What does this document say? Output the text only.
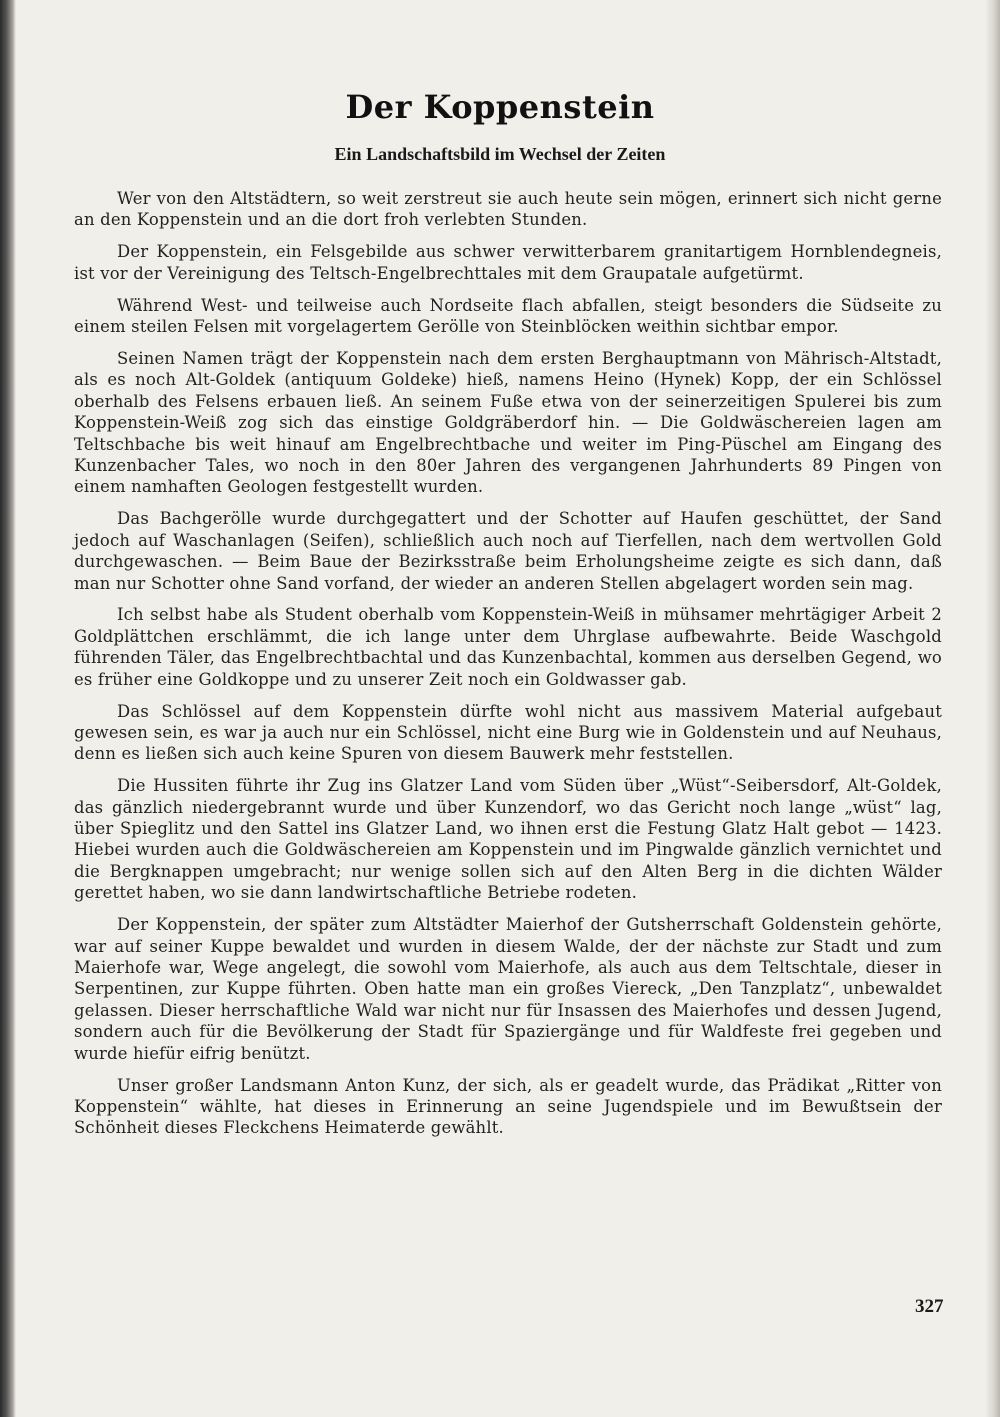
Der Koppenstein
Ein Landschaftsbild im Wechsel der Zeiten

Wer von den Altstädtern, so weit zerstreut sie auch heute sein mögen, erinnert sich nicht gerne an den Koppenstein und an die dort froh verlebten Stunden.

Der Koppenstein, ein Felsgebilde aus schwer verwitterbarem granitartigem Hornblendegneis, ist vor der Vereinigung des Teltsch-Engelbrechttales mit dem Graupatale aufgetürmt.

Während West- und teilweise auch Nordseite flach abfallen, steigt besonders die Südseite zu einem steilen Felsen mit vorgelagertem Gerölle von Steinblöcken weithin sichtbar empor.

Seinen Namen trägt der Koppenstein nach dem ersten Berghauptmann von Mährisch-Altstadt, als es noch Alt-Goldek (antiquum Goldeke) hieß, namens Heino (Hynek) Kopp, der ein Schlössel oberhalb des Felsens erbauen ließ. An seinem Fuße etwa von der seinerzeitigen Spulerei bis zum Koppenstein-Weiß zog sich das einstige Goldgräberdorf hin. — Die Goldwäschereien lagen am Teltschbache bis weit hinauf am Engelbrechtbache und weiter im Ping-Püschel am Eingang des Kunzenbacher Tales, wo noch in den 80er Jahren des vergangenen Jahrhunderts 89 Pingen von einem namhaften Geologen festgestellt wurden.

Das Bachgerölle wurde durchgegattert und der Schotter auf Haufen geschüttet, der Sand jedoch auf Waschanlagen (Seifen), schließlich auch noch auf Tierfellen, nach dem wertvollen Gold durchgewaschen. — Beim Baue der Bezirksstraße beim Erholungsheime zeigte es sich dann, daß man nur Schotter ohne Sand vorfand, der wieder an anderen Stellen abgelagert worden sein mag.

Ich selbst habe als Student oberhalb vom Koppenstein-Weiß in mühsamer mehrtägiger Arbeit 2 Goldplättchen erschlämmt, die ich lange unter dem Uhrglase aufbewahrte. Beide Waschgold führenden Täler, das Engelbrechtbachtal und das Kunzenbachtal, kommen aus derselben Gegend, wo es früher eine Goldkoppe und zu unserer Zeit noch ein Goldwasser gab.

Das Schlössel auf dem Koppenstein dürfte wohl nicht aus massivem Material aufgebaut gewesen sein, es war ja auch nur ein Schlössel, nicht eine Burg wie in Goldenstein und auf Neuhaus, denn es ließen sich auch keine Spuren von diesem Bauwerk mehr feststellen.

Die Hussiten führte ihr Zug ins Glatzer Land vom Süden über „Wüst“-Seibersdorf, Alt-Goldek, das gänzlich niedergebrannt wurde und über Kunzendorf, wo das Gericht noch lange „wüst“ lag, über Spieglitz und den Sattel ins Glatzer Land, wo ihnen erst die Festung Glatz Halt gebot — 1423. Hiebei wurden auch die Goldwäschereien am Koppenstein und im Pingwalde gänzlich vernichtet und die Bergknappen umgebracht; nur wenige sollen sich auf den Alten Berg in die dichten Wälder gerettet haben, wo sie dann landwirtschaftliche Betriebe rodeten.

Der Koppenstein, der später zum Altstädter Maierhof der Gutsherrschaft Goldenstein gehörte, war auf seiner Kuppe bewaldet und wurden in diesem Walde, der der nächste zur Stadt und zum Maierhofe war, Wege angelegt, die sowohl vom Maierhofe, als auch aus dem Teltschtale, dieser in Serpentinen, zur Kuppe führten. Oben hatte man ein großes Viereck, „Den Tanzplatz“, unbewaldet gelassen. Dieser herrschaftliche Wald war nicht nur für Insassen des Maierhofes und dessen Jugend, sondern auch für die Bevölkerung der Stadt für Spaziergänge und für Waldfeste frei gegeben und wurde hiefür eifrig benützt.

Unser großer Landsmann Anton Kunz, der sich, als er geadelt wurde, das Prädikat „Ritter von Koppenstein“ wählte, hat dieses in Erinnerung an seine Jugendspiele und im Bewußtsein der Schönheit dieses Fleckchens Heimaterde gewählt.

327
